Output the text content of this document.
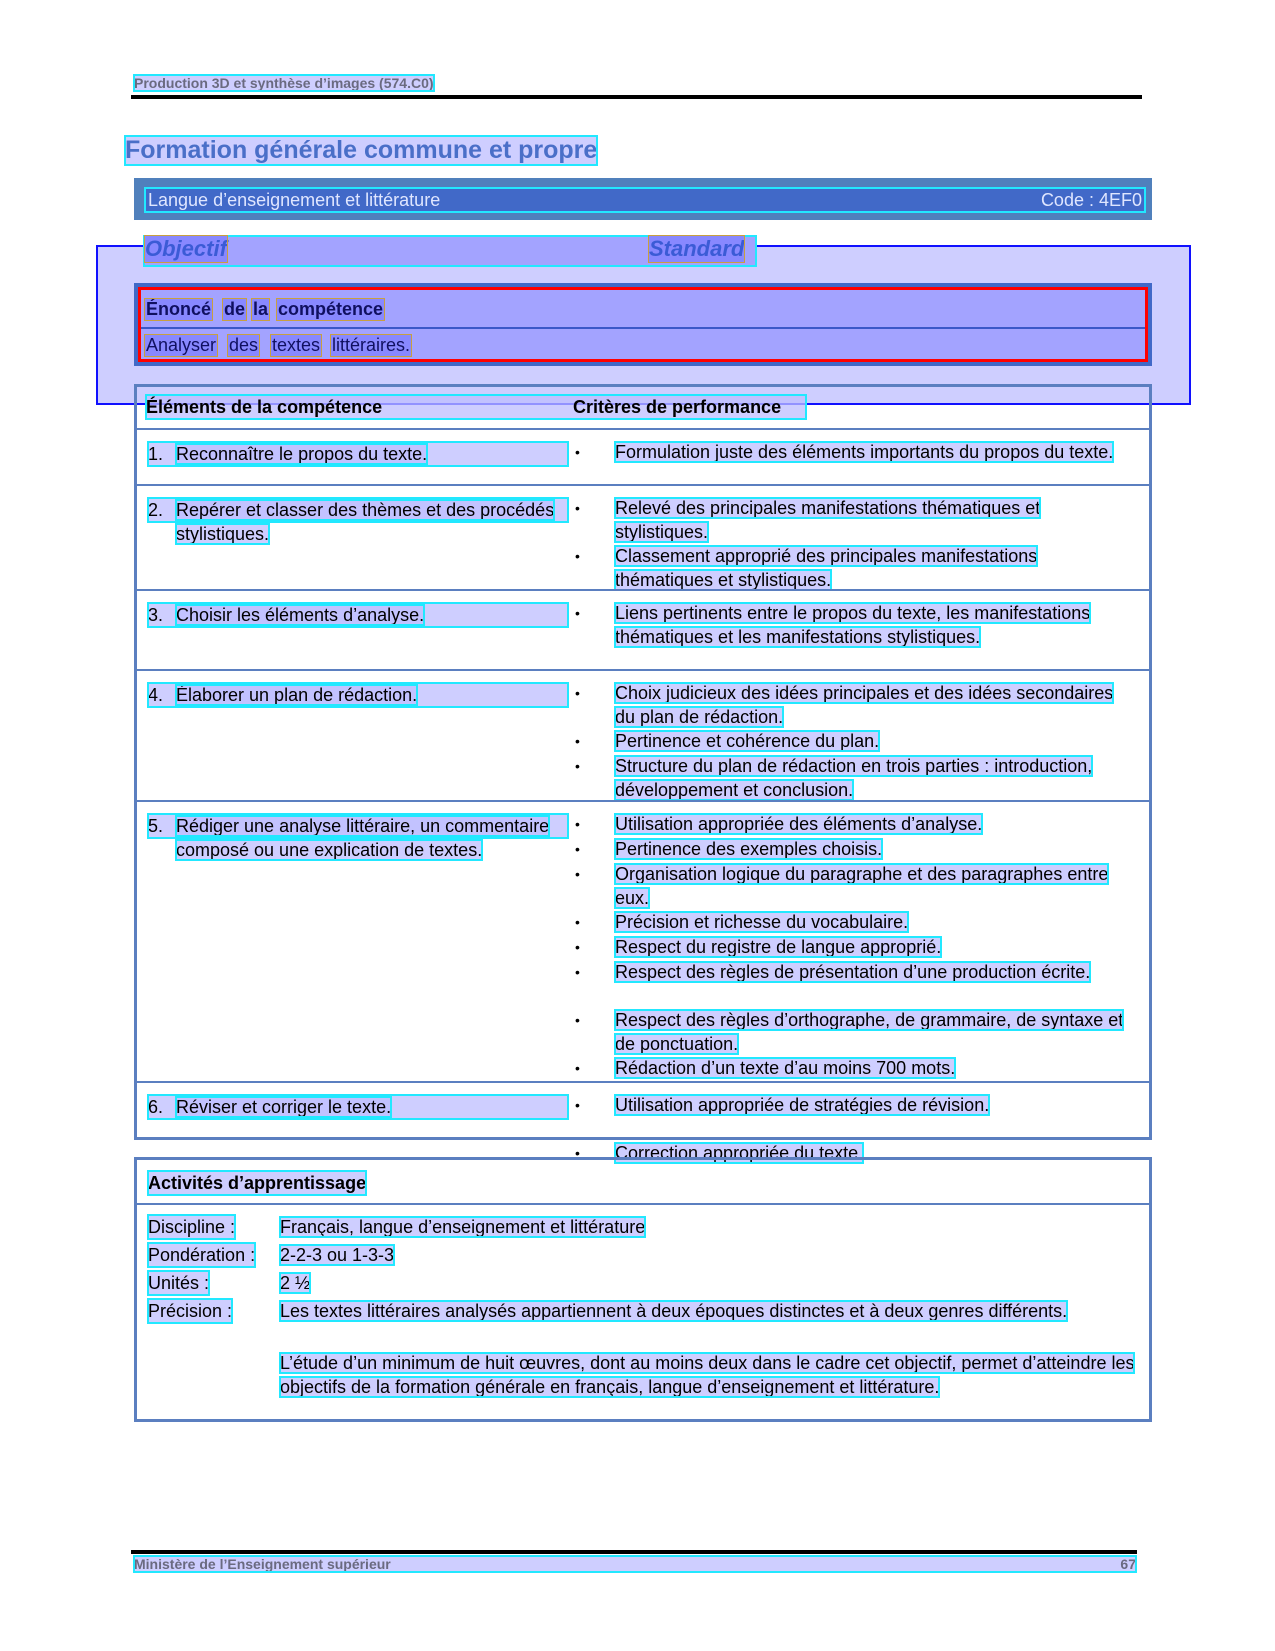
Production 3D et synthèse d’images (574.C0)
Formation générale commune et propre
Langue d’enseignement et littérature	Code : 4EF0
Objectif	Standard
Énoncé de la compétence
Analyser des textes littéraires.
Éléments de la compétence	Critères de performance
1. Reconnaître le propos du texte.	• Formulation juste des éléments importants du propos du texte.
2. Repérer et classer des thèmes et des procédés stylistiques.
• Relevé des principales manifestations thématiques et stylistiques.
• Classement approprié des principales manifestations thématiques et stylistiques.
3. Choisir les éléments d’analyse.	• Liens pertinents entre le propos du texte, les manifestations thématiques et les manifestations stylistiques.
4. Élaborer un plan de rédaction.	• Choix judicieux des idées principales et des idées secondaires du plan de rédaction.
• Pertinence et cohérence du plan.
• Structure du plan de rédaction en trois parties : introduction, développement et conclusion.
5. Rédiger une analyse littéraire, un commentaire composé ou une explication de textes.
• Utilisation appropriée des éléments d’analyse.
• Pertinence des exemples choisis.
• Organisation logique du paragraphe et des paragraphes entre eux.
• Précision et richesse du vocabulaire.
• Respect du registre de langue approprié.
• Respect des règles de présentation d’une production écrite.
• Respect des règles d’orthographe, de grammaire, de syntaxe et de ponctuation.
• Rédaction d’un texte d’au moins 700 mots.
6. Réviser et corriger le texte.	• Utilisation appropriée de stratégies de révision.
• Correction appropriée du texte.
Activités d’apprentissage
Discipline : Français, langue d’enseignement et littérature
Pondération : 2-2-3 ou 1-3-3
Unités :	2 ½
Précision :	Les textes littéraires analysés appartiennent à deux époques distinctes et à deux genres différents.
L’étude d’un minimum de huit œuvres, dont au moins deux dans le cadre cet objectif, permet d’atteindre les objectifs de la formation générale en français, langue d’enseignement et littérature.
Ministère de l’Enseignement supérieur	67
